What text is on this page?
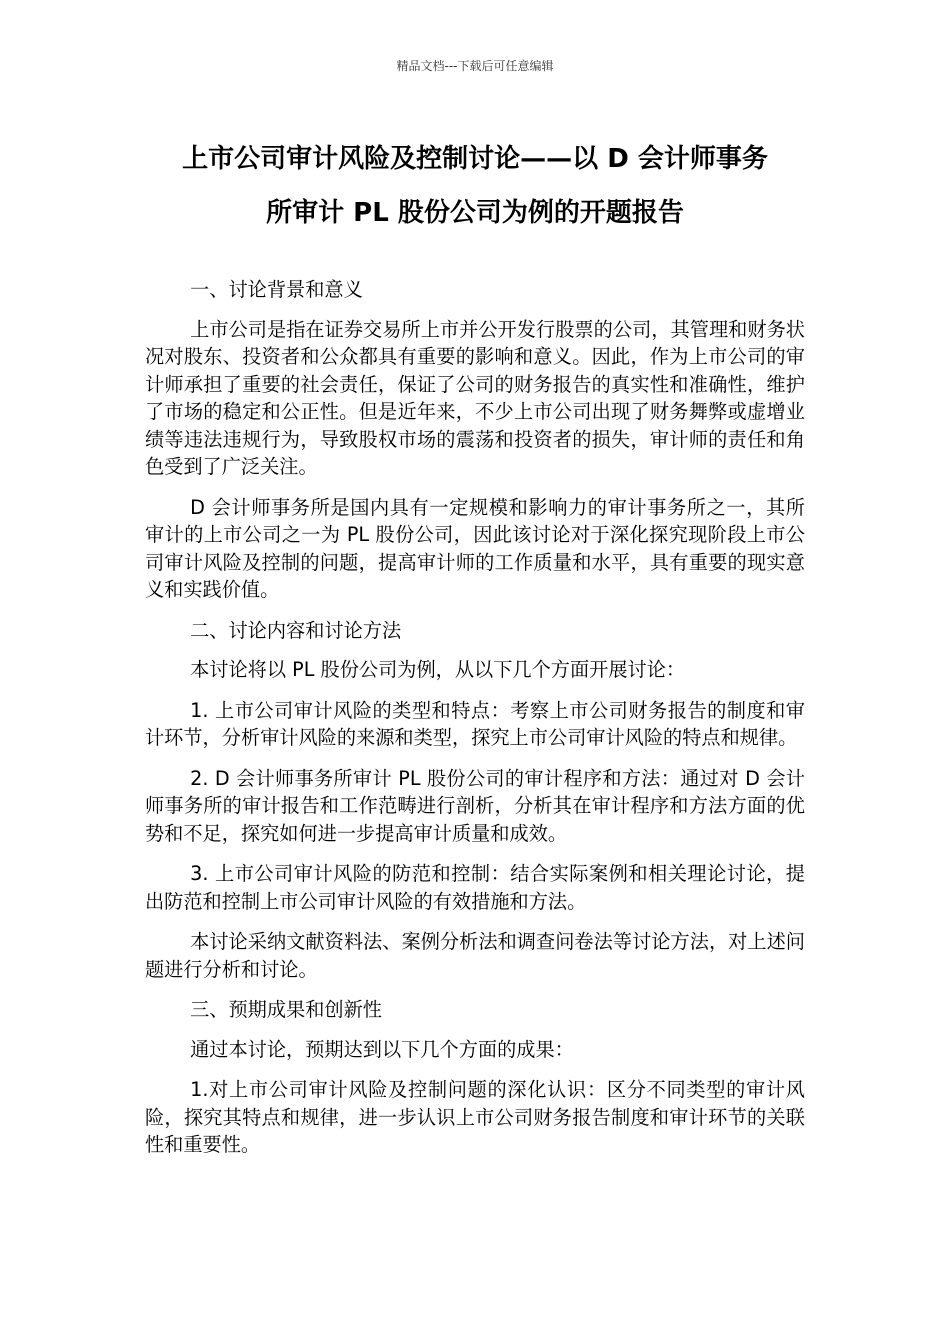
精品文档---下载后可任意编辑
上市公司审计风险及控制讨论——以 D 会计师事务
所审计 PL 股份公司为例的开题报告

一、讨论背景和意义

上市公司是指在证券交易所上市并公开发行股票的公司，其管理和财务状况对股东、投资者和公众都具有重要的影响和意义。因此，作为上市公司的审计师承担了重要的社会责任，保证了公司的财务报告的真实性和准确性，维护了市场的稳定和公正性。但是近年来，不少上市公司出现了财务舞弊或虚增业绩等违法违规行为，导致股权市场的震荡和投资者的损失，审计师的责任和角色受到了广泛关注。

D 会计师事务所是国内具有一定规模和影响力的审计事务所之一，其所审计的上市公司之一为 PL 股份公司，因此该讨论对于深化探究现阶段上市公司审计风险及控制的问题，提高审计师的工作质量和水平，具有重要的现实意义和实践价值。

二、讨论内容和讨论方法

本讨论将以 PL 股份公司为例，从以下几个方面开展讨论：

1. 上市公司审计风险的类型和特点：考察上市公司财务报告的制度和审计环节，分析审计风险的来源和类型，探究上市公司审计风险的特点和规律。

2. D 会计师事务所审计 PL 股份公司的审计程序和方法：通过对 D 会计师事务所的审计报告和工作范畴进行剖析，分析其在审计程序和方法方面的优势和不足，探究如何进一步提高审计质量和成效。

3. 上市公司审计风险的防范和控制：结合实际案例和相关理论讨论，提出防范和控制上市公司审计风险的有效措施和方法。

本讨论采纳文献资料法、案例分析法和调查问卷法等讨论方法，对上述问题进行分析和讨论。

三、预期成果和创新性

通过本讨论，预期达到以下几个方面的成果：

1.对上市公司审计风险及控制问题的深化认识：区分不同类型的审计风险，探究其特点和规律，进一步认识上市公司财务报告制度和审计环节的关联性和重要性。
